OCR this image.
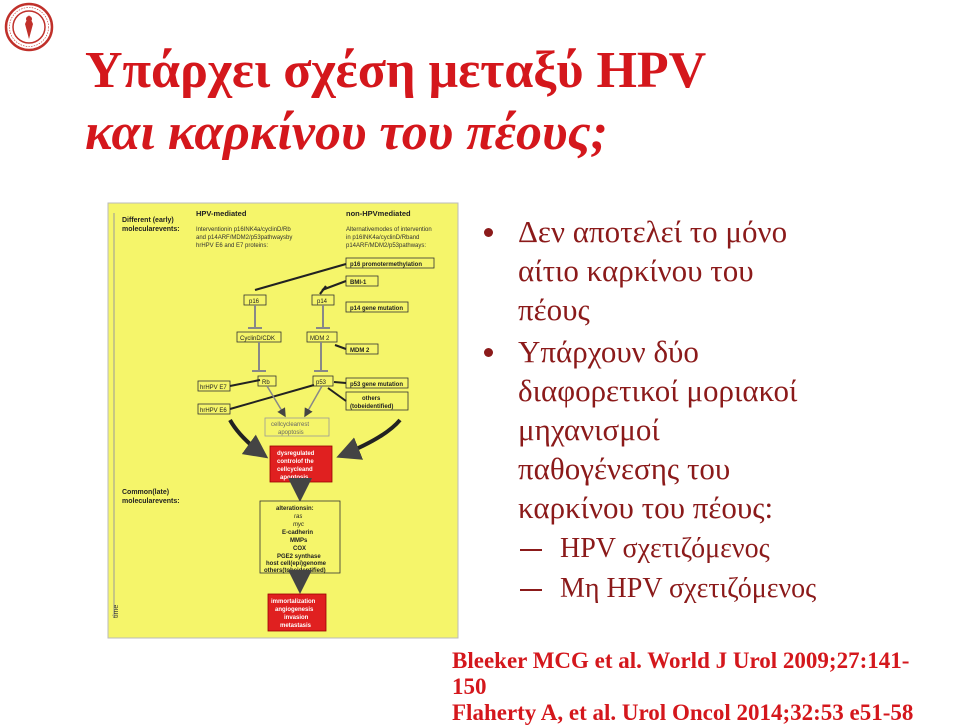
Υπάρχει σχέση μεταξύ HPV
και καρκίνου του πέους;
time
Different (early)
molecularevents:
HPV-mediated
Interventionin p16INK4a/cyclinD/Rb
and p14ARF/MDM2/p53pathwaysby
hrHPV E6 and E7 proteins:
non-HPVmediated
Alternativemodes of intervention
in p16INK4a/cyclinD/Rband
p14ARF/MDM2/p53pathways:
p16 promotermethylation
BMI-1
p14 gene mutation
MDM 2
p53 gene mutation
others
(tobeidentified)
p16	p14
CyclinD/CDK	MDM 2
hrHPV E7
hrHPV E6
Rb	p53
cellcyclearrest
apoptosis
dysregulated
controlof the
cellcycleand
apoptosis
Common(late)
molecularevents:
alterationsin:
ras
myc
E-cadherin
MMPs
COX
PGE2 synthase
host cell(epi)genome
others(tobeidentified)
immortalization
angiogenesis
invasion
metastasis
Δεν αποτελεί το μόνο
αίτιο καρκίνου του
πέους
Υπάρχουν δύο
διαφορετικοί μοριακοί
μηχανισμοί
παθογένεσης του
καρκίνου του πέους:
HPV σχετιζόμενος
Μη HPV σχετιζόμενος
Bleeker MCG et al. World J Urol 2009;27:141-
150
Flaherty A, et al. Urol Oncol 2014;32:53 e51-58
